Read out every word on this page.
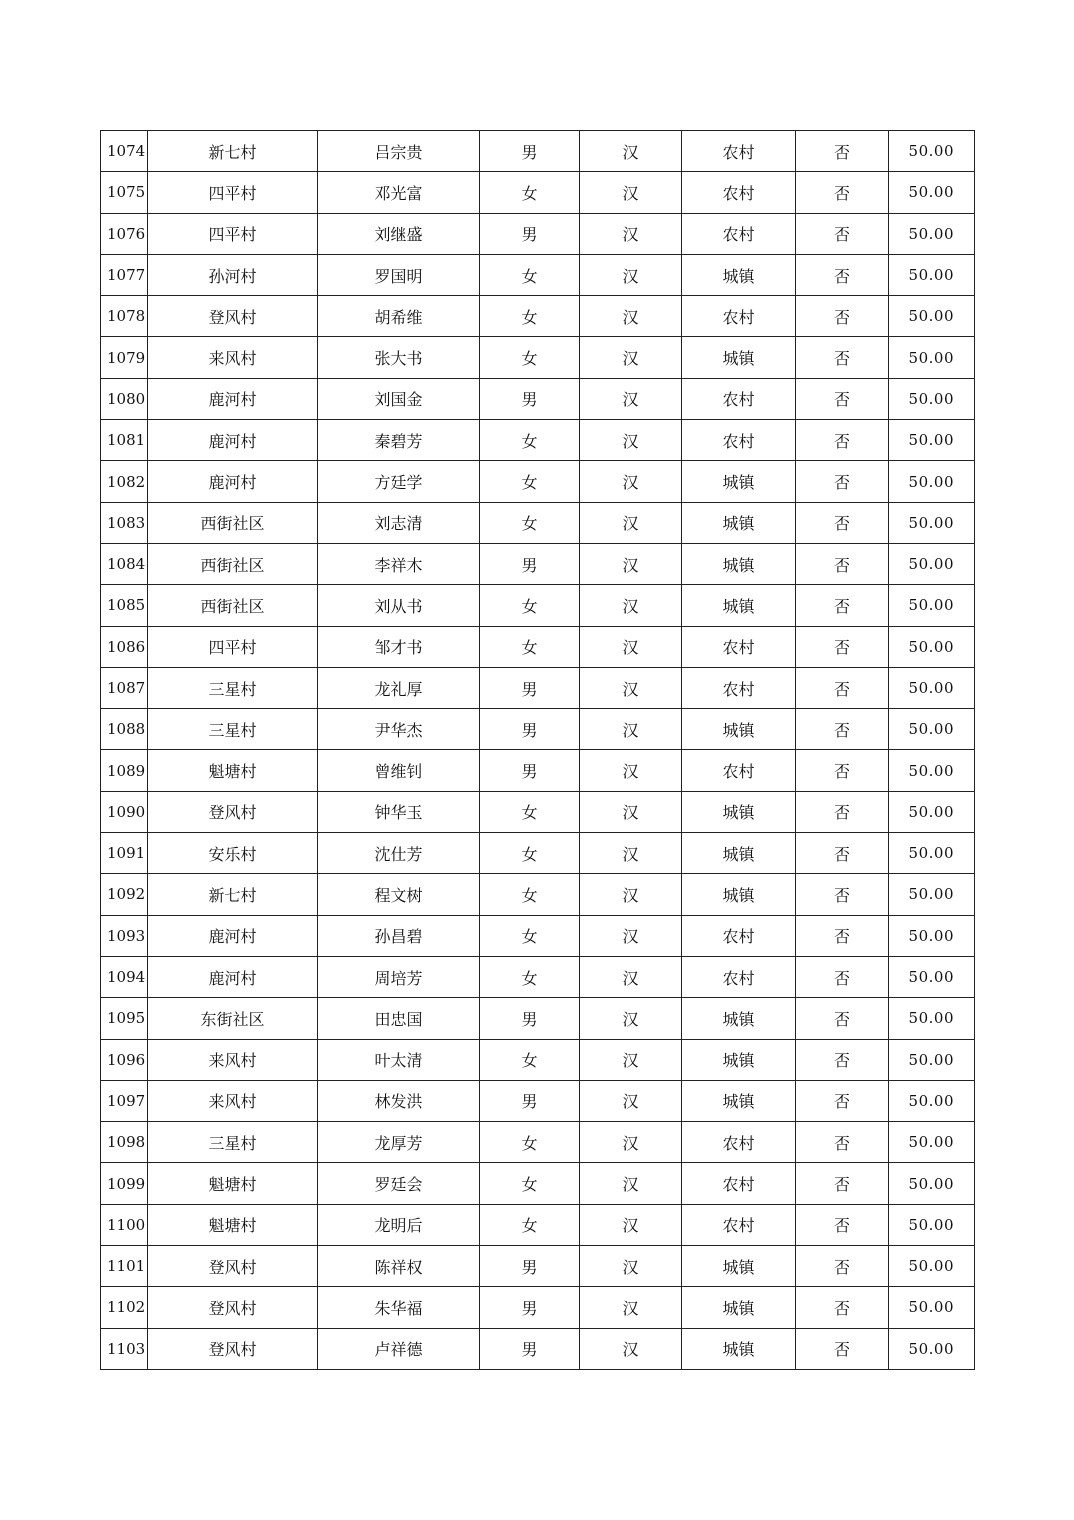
1074	新七村	吕宗贵	男	汉	农村	否	50.00
1075	四平村	邓光富	女	汉	农村	否	50.00
1076	四平村	刘继盛	男	汉	农村	否	50.00
1077	孙河村	罗国明	女	汉	城镇	否	50.00
1078	登风村	胡希维	女	汉	农村	否	50.00
1079	来风村	张大书	女	汉	城镇	否	50.00
1080	鹿河村	刘国金	男	汉	农村	否	50.00
1081	鹿河村	秦碧芳	女	汉	农村	否	50.00
1082	鹿河村	方廷学	女	汉	城镇	否	50.00
1083	西街社区	刘志清	女	汉	城镇	否	50.00
1084	西街社区	李祥木	男	汉	城镇	否	50.00
1085	西街社区	刘从书	女	汉	城镇	否	50.00
1086	四平村	邹才书	女	汉	农村	否	50.00
1087	三星村	龙礼厚	男	汉	农村	否	50.00
1088	三星村	尹华杰	男	汉	城镇	否	50.00
1089	魁塘村	曾维钊	男	汉	农村	否	50.00
1090	登风村	钟华玉	女	汉	城镇	否	50.00
1091	安乐村	沈仕芳	女	汉	城镇	否	50.00
1092	新七村	程文树	女	汉	城镇	否	50.00
1093	鹿河村	孙昌碧	女	汉	农村	否	50.00
1094	鹿河村	周培芳	女	汉	农村	否	50.00
1095	东街社区	田忠国	男	汉	城镇	否	50.00
1096	来风村	叶太清	女	汉	城镇	否	50.00
1097	来风村	林发洪	男	汉	城镇	否	50.00
1098	三星村	龙厚芳	女	汉	农村	否	50.00
1099	魁塘村	罗廷会	女	汉	农村	否	50.00
1100	魁塘村	龙明后	女	汉	农村	否	50.00
1101	登风村	陈祥权	男	汉	城镇	否	50.00
1102	登风村	朱华福	男	汉	城镇	否	50.00
1103	登风村	卢祥德	男	汉	城镇	否	50.00
